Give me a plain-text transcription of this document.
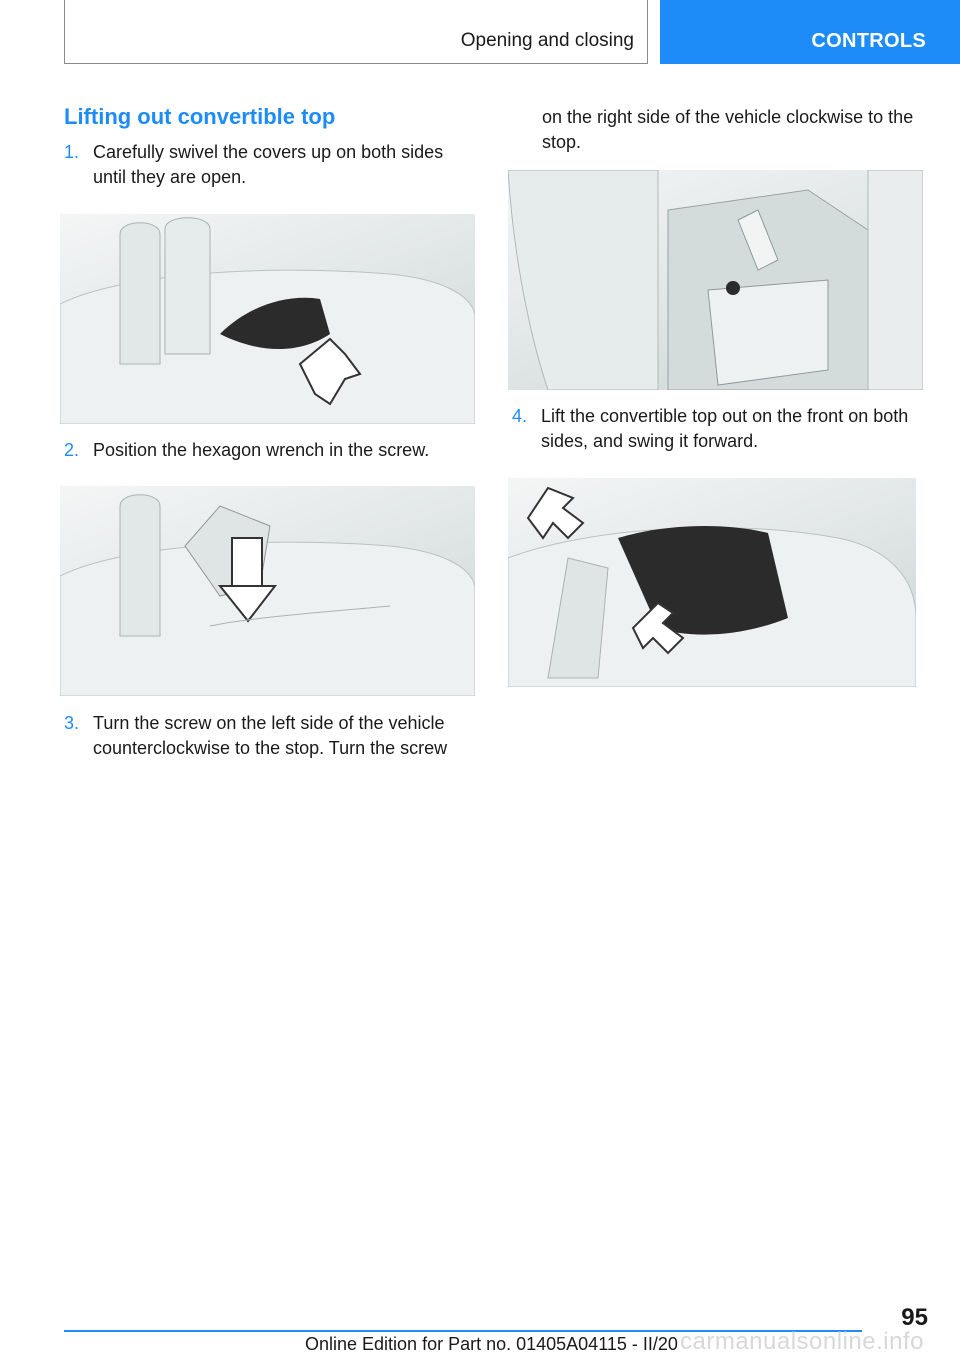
Opening and closing	CONTROLS
Lifting out convertible top
1. Carefully swivel the covers up on both sides until they are open.
2. Position the hexagon wrench in the screw.
3. Turn the screw on the left side of the vehicle counterclockwise to the stop. Turn the screw
on the right side of the vehicle clockwise to the stop.
4. Lift the convertible top out on the front on both sides, and swing it forward.
95
Online Edition for Part no. 01405A04115 - II/20 carmanualsonline.info
